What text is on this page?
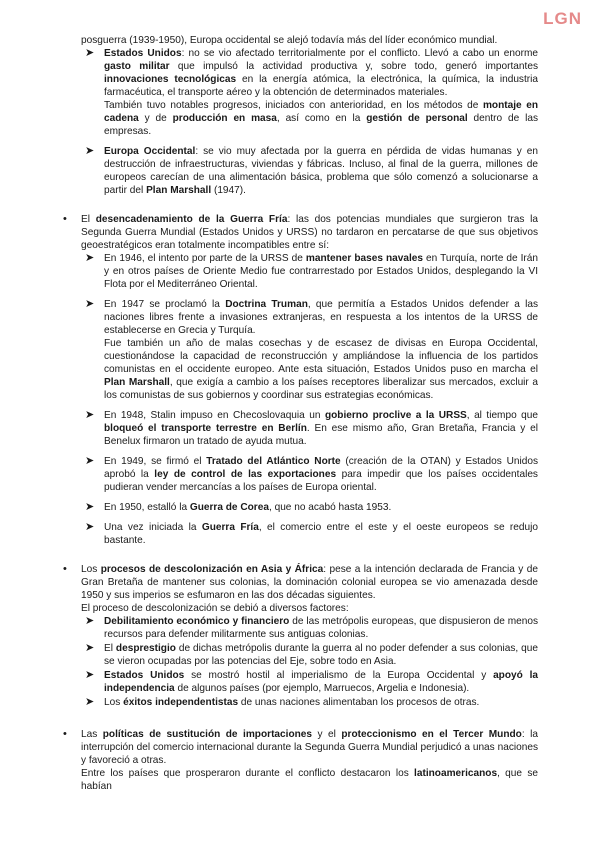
LGN
posguerra (1939-1950), Europa occidental se alejó todavía más del líder económico mundial.
➤ Estados Unidos: no se vio afectado territorialmente por el conflicto. Llevó a cabo un enorme gasto militar que impulsó la actividad productiva y, sobre todo, generó importantes innovaciones tecnológicas en la energía atómica, la electrónica, la química, la industria farmacéutica, el transporte aéreo y la obtención de determinados materiales.
También tuvo notables progresos, iniciados con anterioridad, en los métodos de montaje en cadena y de producción en masa, así como en la gestión de personal dentro de las empresas.
➤ Europa Occidental: se vio muy afectada por la guerra en pérdida de vidas humanas y en destrucción de infraestructuras, viviendas y fábricas. Incluso, al final de la guerra, millones de europeos carecían de una alimentación básica, problema que sólo comenzó a solucionarse a partir del Plan Marshall (1947).
• El desencadenamiento de la Guerra Fría: las dos potencias mundiales que surgieron tras la Segunda Guerra Mundial (Estados Unidos y URSS) no tardaron en percatarse de que sus objetivos geoestratégicos eran totalmente incompatibles entre sí:
➤ En 1946, el intento por parte de la URSS de mantener bases navales en Turquía, norte de Irán y en otros países de Oriente Medio fue contrarrestado por Estados Unidos, desplegando la VI Flota por el Mediterráneo Oriental.
➤ En 1947 se proclamó la Doctrina Truman, que permitía a Estados Unidos defender a las naciones libres frente a invasiones extranjeras, en respuesta a los intentos de la URSS de establecerse en Grecia y Turquía.
Fue también un año de malas cosechas y de escasez de divisas en Europa Occidental, cuestionándose la capacidad de reconstrucción y ampliándose la influencia de los partidos comunistas en el occidente europeo. Ante esta situación, Estados Unidos puso en marcha el Plan Marshall, que exigía a cambio a los países receptores liberalizar sus mercados, excluir a los comunistas de sus gobiernos y coordinar sus estrategias económicas.
➤ En 1948, Stalin impuso en Checoslovaquia un gobierno proclive a la URSS, al tiempo que bloqueó el transporte terrestre en Berlín. En ese mismo año, Gran Bretaña, Francia y el Benelux firmaron un tratado de ayuda mutua.
➤ En 1949, se firmó el Tratado del Atlántico Norte (creación de la OTAN) y Estados Unidos aprobó la ley de control de las exportaciones para impedir que los países occidentales pudieran vender mercancías a los países de Europa oriental.
➤ En 1950, estalló la Guerra de Corea, que no acabó hasta 1953.
➤ Una vez iniciada la Guerra Fría, el comercio entre el este y el oeste europeos se redujo bastante.
• Los procesos de descolonización en Asia y África: pese a la intención declarada de Francia y de Gran Bretaña de mantener sus colonias, la dominación colonial europea se vio amenazada desde 1950 y sus imperios se esfumaron en las dos décadas siguientes.
El proceso de descolonización se debió a diversos factores:
➤ Debilitamiento económico y financiero de las metrópolis europeas, que dispusieron de menos recursos para defender militarmente sus antiguas colonias.
➤ El desprestigio de dichas metrópolis durante la guerra al no poder defender a sus colonias, que se vieron ocupadas por las potencias del Eje, sobre todo en Asia.
➤ Estados Unidos se mostró hostil al imperialismo de la Europa Occidental y apoyó la independencia de algunos países (por ejemplo, Marruecos, Argelia e Indonesia).
➤ Los éxitos independentistas de unas naciones alimentaban los procesos de otras.
• Las políticas de sustitución de importaciones y el proteccionismo en el Tercer Mundo: la interrupción del comercio internacional durante la Segunda Guerra Mundial perjudicó a unas naciones y favoreció a otras.
Entre los países que prosperaron durante el conflicto destacaron los latinoamericanos, que se habían
